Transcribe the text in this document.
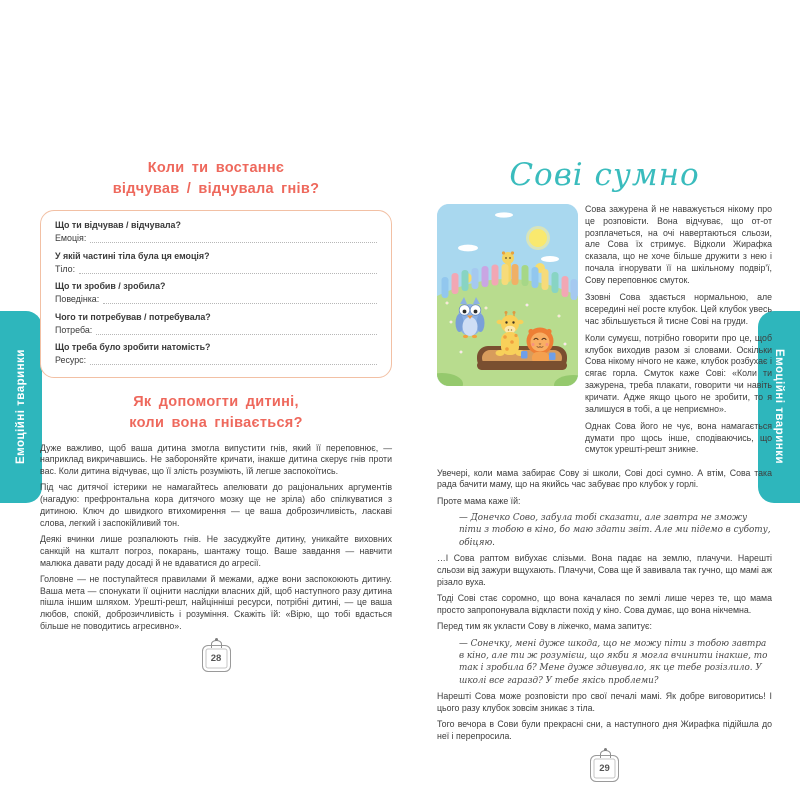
Емоційні тваринки	Емоційні тваринки
Коли ти востаннє
відчував / відчувала гнів?
Що ти відчував / відчувала?
Емоція:
У якій частині тіла була ця емоція?
Тіло:
Що ти зробив / зробила?
Поведінка:
Чого ти потребував / потребувала?
Потреба:
Що треба було зробити натомість?
Ресурс:
Як допомогти дитині,
коли вона гнівається?

Дуже важливо, щоб ваша дитина змогла випустити гнів, який її переповнює, — наприклад викричавшись. Не забороняйте кричати, інакше дитина скерує гнів проти вас. Коли дитина відчуває, що її злість розуміють, їй легше заспокоїтись.

Під час дитячої істерики не намагайтесь апелювати до раціональних аргументів (нагадую: префронтальна кора дитячого мозку ще не зріла) або спілкуватися з дитиною. Ключ до швидкого втихомирення — це ваша доброзичливість, ласкаві слова, легкий і заспокійливий тон.

Деякі вчинки лише розпалюють гнів. Не засуджуйте дитину, уникайте виховних санкцій на кшталт погроз, покарань, шантажу тощо. Ваше завдання — навчити малюка давати раду досаді й не вдаватися до агресії.

Головне — не поступайтеся правилами й межами, адже вони заспокоюють дитину. Ваша мета — спонукати її оцінити наслідки власних дій, щоб наступного разу дитина пішла іншим шляхом. Урешті-решт, найцінніші ресурси, потрібні дитині, — це ваша любов, спокій, доброзичливість і розуміння. Скажіть їй: «Вірю, що тобі вдасться більше не поводитись агресивно».

28
Сові сумно

Сова зажурена й не наважується нікому про це розповісти. Вона відчуває, що от-от розплачеться, на очі навертаються сльози, але Сова їх стримує. Відколи Жирафка сказала, що не хоче більше дружити з нею і почала ігнорувати її на шкільному подвір'ї, Сову переповнює смуток.

Ззовні Сова здається нормальною, але всередині неї росте клубок. Цей клубок увесь час збільшується й тисне Сові на груди.

Коли сумуєш, потрібно говорити про це, щоб клубок виходив разом зі словами. Оскільки Сова нікому нічого не каже, клубок розбухає і сягає горла. Смуток каже Сові: «Коли ти зажурена, треба плакати, говорити чи навіть кричати. Адже якщо цього не зробити, то я залишуся в тобі, а це неприємно».

Однак Сова його не чує, вона намагається думати про щось інше, сподіваючись, що смуток урешті-решт зникне.

Увечері, коли мама забирає Сову зі школи, Сові досі сумно. А втім, Сова така рада бачити маму, що на якийсь час забуває про клубок у горлі.

Проте мама каже їй:

— Донечко Сово, забула тобі сказати, але завтра не зможу піти з тобою в кіно, бо маю здати звіт. Але ми підемо в суботу, обіцяю.

…І Сова раптом вибухає слізьми. Вона падає на землю, плачучи. Нарешті сльози від зажури вщухають. Плачучи, Сова ще й завивала так гучно, що мамі аж різало вуха.

Тоді Сові стає соромно, що вона качалася по землі лише через те, що мама просто запропонувала відкласти похід у кіно. Сова думає, що вона нікчемна.

Перед тим як укласти Сову в ліжечко, мама запитує:

— Сонечку, мені дуже шкода, що не можу піти з тобою завтра в кіно, але ти ж розумієш, що якби я могла вчинити інакше, то так і зробила б? Мене дуже здивувало, як це тебе розізлило. У школі все гаразд? У тебе якісь проблеми?

Нарешті Сова може розповісти про свої печалі мамі. Як добре виговоритись! І цього разу клубок зовсім зникає з тіла.

Того вечора в Сови були прекрасні сни, а наступного дня Жирафка підійшла до неї і перепросила.

29
